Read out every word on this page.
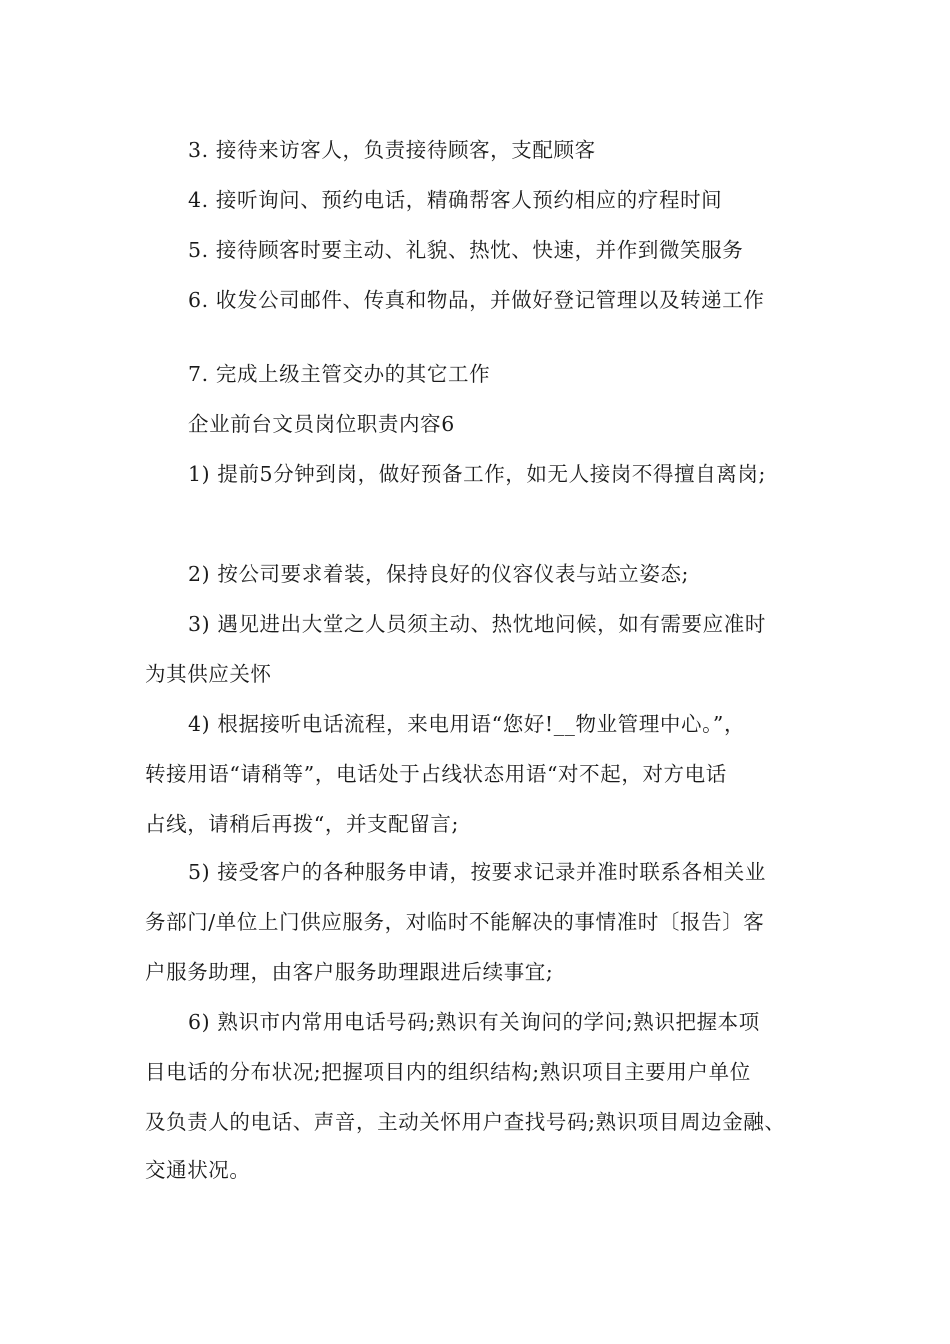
3. 接待来访客人，负责接待顾客，支配顾客
4. 接听询问、预约电话，精确帮客人预约相应的疗程时间
5. 接待顾客时要主动、礼貌、热忱、快速，并作到微笑服务
6. 收发公司邮件、传真和物品，并做好登记管理以及转递工作
7. 完成上级主管交办的其它工作
企业前台文员岗位职责内容6
1) 提前5分钟到岗，做好预备工作，如无人接岗不得擅自离岗;
2) 按公司要求着装，保持良好的仪容仪表与站立姿态;
3) 遇见进出大堂之人员须主动、热忱地问候，如有需要应准时
为其供应关怀
4) 根据接听电话流程，来电用语“您好!__物业管理中心。”，
转接用语“请稍等”，电话处于占线状态用语“对不起，对方电话
占线，请稍后再拨“，并支配留言;
5) 接受客户的各种服务申请，按要求记录并准时联系各相关业
务部门/单位上门供应服务，对临时不能解决的事情准时〔报告〕客
户服务助理，由客户服务助理跟进后续事宜;
6) 熟识市内常用电话号码;熟识有关询问的学问;熟识把握本项
目电话的分布状况;把握项目内的组织结构;熟识项目主要用户单位
及负责人的电话、声音，主动关怀用户查找号码;熟识项目周边金融、
交通状况。
